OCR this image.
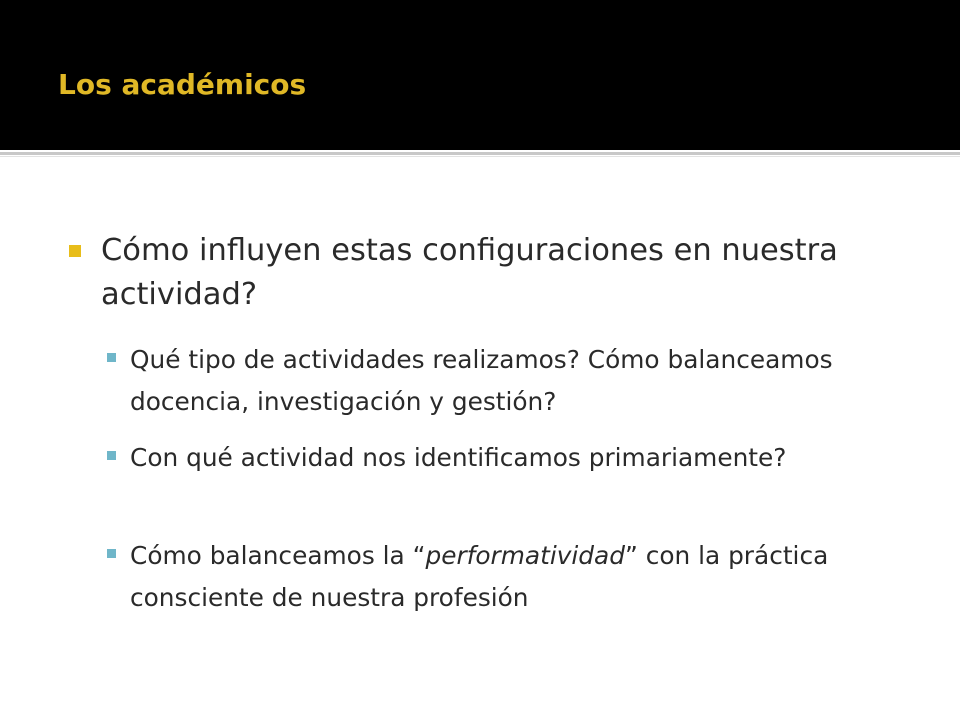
Los académicos
Cómo influyen estas configuraciones en nuestra actividad?
Qué tipo de actividades realizamos? Cómo balanceamos docencia, investigación y gestión?
Con qué actividad nos identificamos primariamente?
Cómo balanceamos la “performatividad” con la práctica consciente de nuestra profesión
